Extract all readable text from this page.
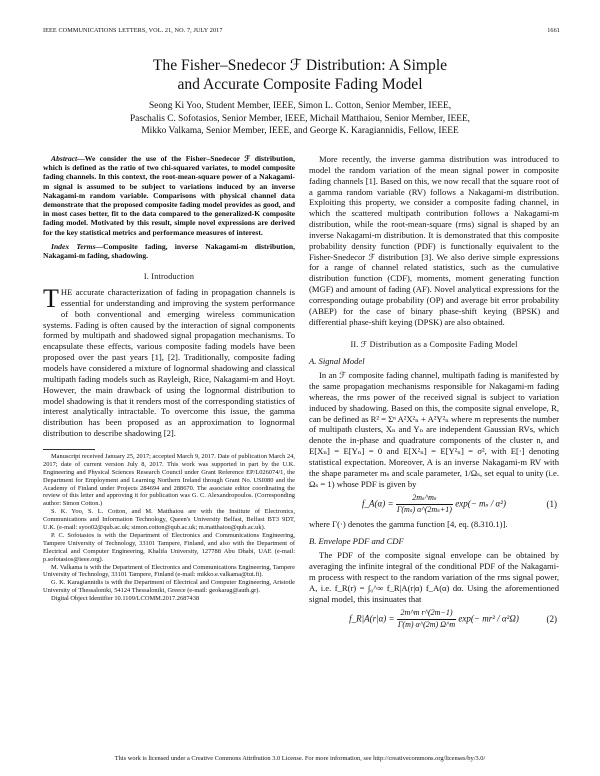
IEEE COMMUNICATIONS LETTERS, VOL. 21, NO. 7, JULY 2017	1661
The Fisher–Snedecor ℱ Distribution: A Simple
and Accurate Composite Fading Model
Seong Ki Yoo, Student Member, IEEE, Simon L. Cotton, Senior Member, IEEE,
Paschalis C. Sofotasios, Senior Member, IEEE, Michail Matthaiou, Senior Member, IEEE,
Mikko Valkama, Senior Member, IEEE, and George K. Karagiannidis, Fellow, IEEE

Abstract—We consider the use of the Fisher–Snedecor ℱ distribution, which is defined as the ratio of two chi-squared variates, to model composite fading channels. In this context, the root-mean-square power of a Nakagami-m signal is assumed to be subject to variations induced by an inverse Nakagami-m random variable. Comparisons with physical channel data demonstrate that the proposed composite fading model provides as good, and in most cases better, fit to the data compared to the generalized-K composite fading model. Motivated by this result, simple novel expressions are derived for the key statistical metrics and performance measures of interest.

Index Terms—Composite fading, inverse Nakagami-m distribution, Nakagami-m fading, shadowing.

I. Introduction

THE accurate characterization of fading in propagation channels is essential for understanding and improving the system performance of both conventional and emerging wireless communication systems. Fading is often caused by the interaction of signal components formed by multipath and shadowed signal propagation mechanisms. To encapsulate these effects, various composite fading models have been proposed over the past years [1], [2]. Traditionally, composite fading models have considered a mixture of lognormal shadowing and classical multipath fading models such as Rayleigh, Rice, Nakagami-m and Hoyt. However, the main drawback of using the lognormal distribution to model shadowing is that it renders most of the corresponding statistics of interest analytically intractable. To overcome this issue, the gamma distribution has been proposed as an approximation to lognormal distribution to describe shadowing [2].

Manuscript received January 25, 2017; accepted March 9, 2017. Date of publication March 24, 2017; date of current version July 8, 2017. This work was supported in part by the U.K. Engineering and Physical Sciences Research Council under Grant Reference EP/L026074/1, the Department for Employment and Learning Northern Ireland through Grant No. USI080 and the Academy of Finland under Projects 284694 and 288670. The associate editor coordinating the review of this letter and approving it for publication was G. C. Alexandropoulos. (Corresponding author: Simon Cotton.)

S. K. Yoo, S. L. Cotton, and M. Matthaiou are with the Institute of Electronics, Communications and Information Technology, Queen's University Belfast, Belfast BT3 9DT, U.K. (e-mail: syoo02@qub.ac.uk; simon.cotton@qub.ac.uk; m.matthaiou@qub.ac.uk).

P. C. Sofotasios is with the Department of Electronics and Communications Engineering, Tampere University of Technology, 33101 Tampere, Finland, and also with the Department of Electrical and Computer Engineering, Khalifa University, 127788 Abu Dhabi, UAE (e-mail: p.sofotasios@ieee.org).

M. Valkama is with the Department of Electronics and Communications Engineering, Tampere University of Technology, 33101 Tampere, Finland (e-mail: mikko.e.valkama@tut.fi).

G. K. Karagiannidis is with the Department of Electrical and Computer Engineering, Aristotle University of Thessaloniki, 54124 Thessaloniki, Greece (e-mail: geokarag@auth.gr).

Digital Object Identifier 10.1109/LCOMM.2017.2687438

More recently, the inverse gamma distribution was introduced to model the random variation of the mean signal power in composite fading channels [1]. Based on this, we now recall that the square root of a gamma random variable (RV) follows a Nakagami-m distribution. Exploiting this property, we consider a composite fading channel, in which the scattered multipath contribution follows a Nakagami-m distribution, while the root-mean-square (rms) signal is shaped by an inverse Nakagami-m distribution. It is demonstrated that this composite probability density function (PDF) is functionally equivalent to the Fisher-Snedecor ℱ distribution [3]. We also derive simple expressions for a range of channel related statistics, such as the cumulative distribution function (CDF), moments, moment generating function (MGF) and amount of fading (AF). Novel analytical expressions for the corresponding outage probability (OP) and average bit error probability (ABEP) for the case of binary phase-shift keying (BPSK) and differential phase-shift keying (DPSK) are also obtained.

II. ℱ Distribution as a Composite Fading Model
A. Signal Model

In an ℱ composite fading channel, multipath fading is manifested by the same propagation mechanisms responsible for Nakagami-m fading whereas, the rms power of the received signal is subject to variation induced by shadowing. Based on this, the composite signal envelope, R, can be defined as R² = Σⁿ A²X²ₙ + A²Y²ₙ where m represents the number of multipath clusters, Xₙ and Yₙ are independent Gaussian RVs, which denote the in-phase and quadrature components of the cluster n, and E[Xₙ] = E[Yₙ] = 0 and E[X²ₙ] = E[Y²ₙ] = σ², with E[·] denoting statistical expectation. Moreover, A is an inverse Nakagami-m RV with the shape parameter mₛ and scale parameter, 1/Ωₛ, set equal to unity (i.e. Ωₛ = 1) whose PDF is given by

f_A(α) = $\frac{\text{2mₛ\textasciicircum{}mₛ}}{\text{Γ(mₛ) α\textasciicircum{}(2mₛ+1)}} \exp(- m_s / \alpha^2)$	(1)

where Γ(·) denotes the gamma function [4, eq. (8.310.1)].

B. Envelope PDF and CDF

The PDF of the composite signal envelope can be obtained by averaging the infinite integral of the conditional PDF of the Nakagami-m process with respect to the random variation of the rms signal power, A, i.e. f_R(r) = ∫₀^∞ f_R|A(r|α) f_A(α) dα. Using the aforementioned signal model, this insinuates that

f_R|A(r|α) = $\frac{\text{2m\textasciicircum{}m r\textasciicircum{}(2m−1)}}{\Gamma(m) \alpha\^{}(2m) \Omega\^{}m} \exp(- mr^2 / \alpha^2\Omega)$	(2)
This work is licensed under a Creative Commons Attribution 3.0 License. For more information, see http://creativecommons.org/licenses/by/3.0/
